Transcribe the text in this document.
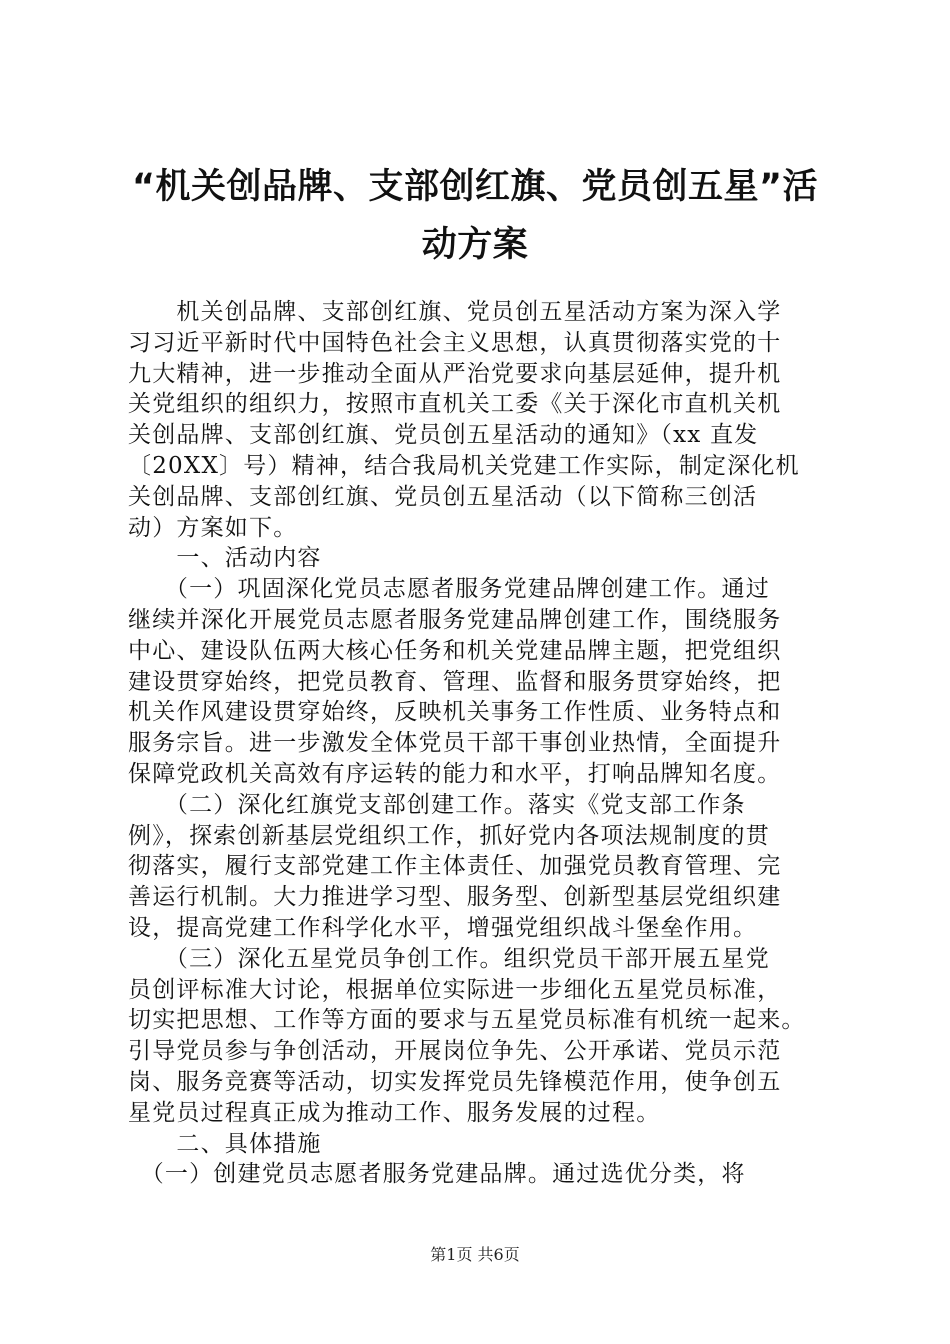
“机关创品牌、支部创红旗、党员创五星”活
动方案
　　机关创品牌、支部创红旗、党员创五星活动方案为深入学
习习近平新时代中国特色社会主义思想，认真贯彻落实党的十
九大精神，进一步推动全面从严治党要求向基层延伸，提升机
关党组织的组织力，按照市直机关工委《关于深化市直机关机
关创品牌、支部创红旗、党员创五星活动的通知》（xx 直发
〔20XX〕号）精神，结合我局机关党建工作实际，制定深化机
关创品牌、支部创红旗、党员创五星活动（以下简称三创活
动）方案如下。
　　一、活动内容
　　（一）巩固深化党员志愿者服务党建品牌创建工作。通过
继续并深化开展党员志愿者服务党建品牌创建工作，围绕服务
中心、建设队伍两大核心任务和机关党建品牌主题，把党组织
建设贯穿始终，把党员教育、管理、监督和服务贯穿始终，把
机关作风建设贯穿始终，反映机关事务工作性质、业务特点和
服务宗旨。进一步激发全体党员干部干事创业热情，全面提升
保障党政机关高效有序运转的能力和水平，打响品牌知名度。
　　（二）深化红旗党支部创建工作。落实《党支部工作条
例》，探索创新基层党组织工作，抓好党内各项法规制度的贯
彻落实，履行支部党建工作主体责任、加强党员教育管理、完
善运行机制。大力推进学习型、服务型、创新型基层党组织建
设，提高党建工作科学化水平，增强党组织战斗堡垒作用。
　　（三）深化五星党员争创工作。组织党员干部开展五星党
员创评标准大讨论，根据单位实际进一步细化五星党员标准，
切实把思想、工作等方面的要求与五星党员标准有机统一起来。
引导党员参与争创活动，开展岗位争先、公开承诺、党员示范
岗、服务竞赛等活动，切实发挥党员先锋模范作用，使争创五
星党员过程真正成为推动工作、服务发展的过程。
　　二、具体措施
　（一）创建党员志愿者服务党建品牌。通过选优分类，将
第1页 共6页
